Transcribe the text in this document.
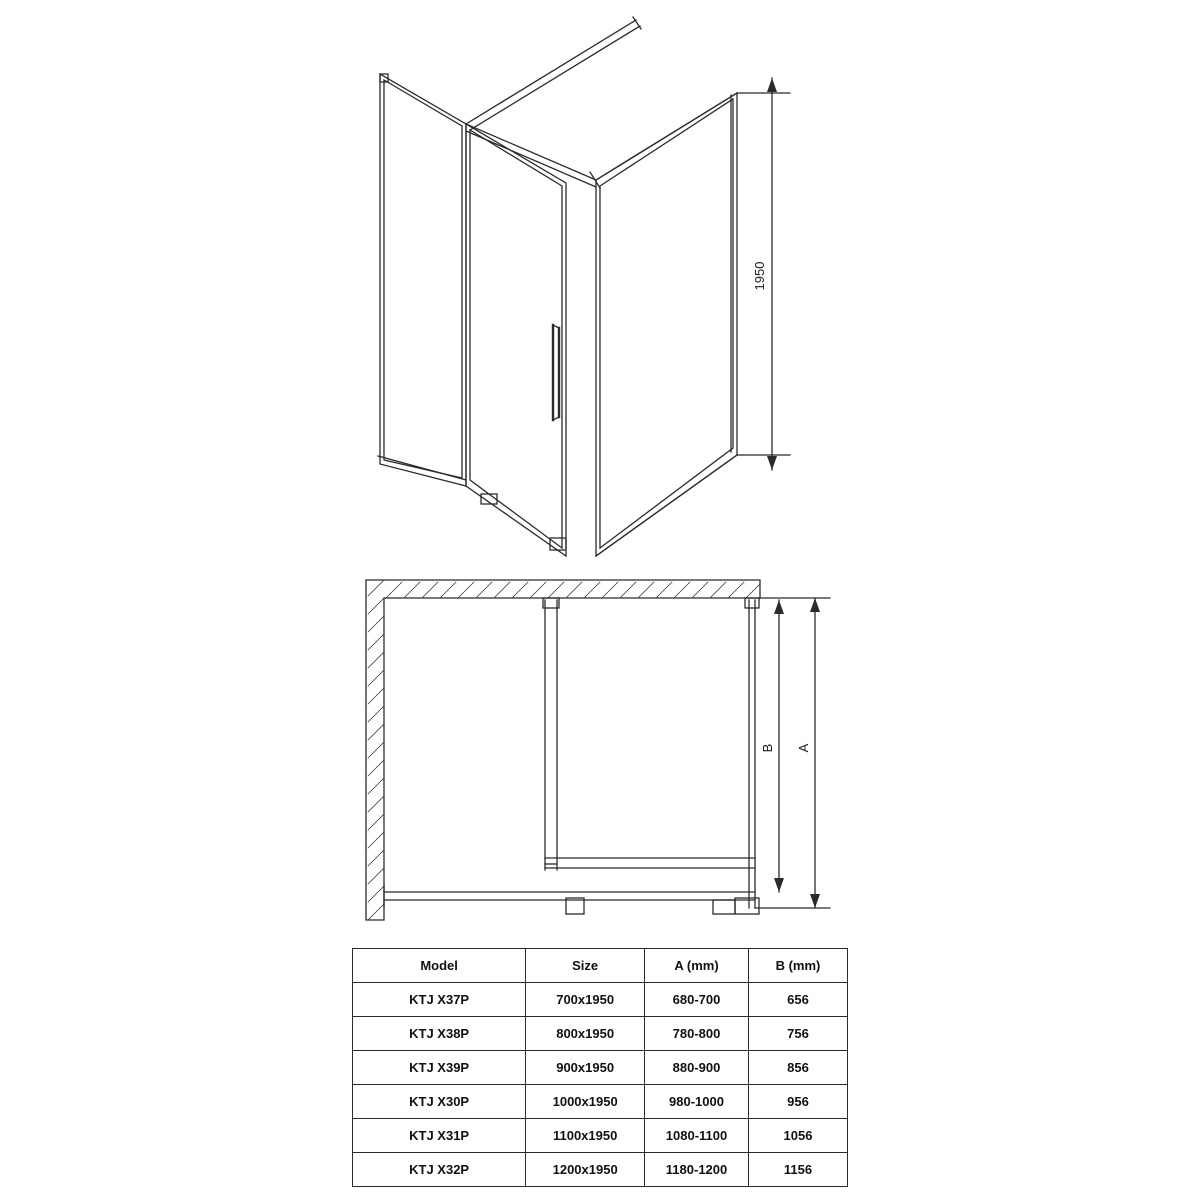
1950
B A
Model	Size	A (mm)	B (mm)
KTJ X37P	700x1950	680-700	656
KTJ X38P	800x1950	780-800	756
KTJ X39P	900x1950	880-900	856
KTJ X30P	1000x1950	980-1000	956
KTJ X31P	1100x1950	1080-1100	1056
KTJ X32P	1200x1950	1180-1200	1156
